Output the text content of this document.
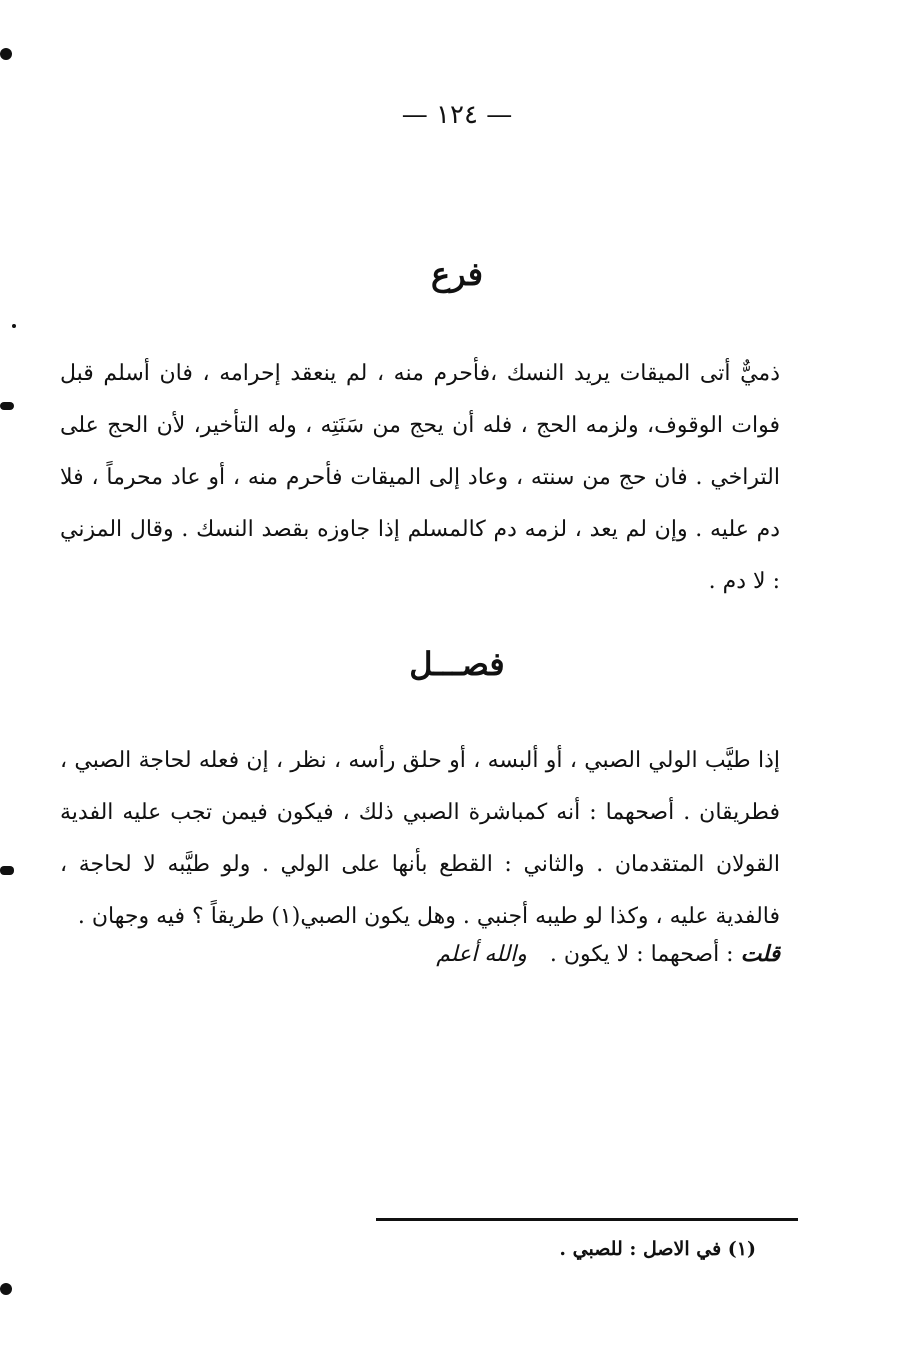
— ١٢٤ —
فرع
ذميٌّ أتى الميقات يريد النسك ،فأحرم منه ، لم ينعقد إحرامه ، فان أسلم قبل فوات الوقوف، ولزمه الحج ، فله أن يحج من سَنَتِه ، وله التأخير، لأن الحج على التراخي . فان حج من سنته ، وعاد إلى الميقات فأحرم منه ، أو عاد محرماً ، فلا دم عليه . وإن لم يعد ، لزمه دم كالمسلم إذا جاوزه بقصد النسك . وقال المزني : لا دم .
فصـــل
إذا طيَّب الولي الصبي ، أو ألبسه ، أو حلق رأسه ، نظر ، إن فعله لحاجة الصبي ، فطريقان . أصحهما : أنه كمباشرة الصبي ذلك ، فيكون فيمن تجب عليه الفدية القولان المتقدمان . والثاني : القطع بأنها على الولي . ولو طيَّبه لا لحاجة ، فالفدية عليه ، وكذا لو طيبه أجنبي . وهل يكون الصبي(١) طريقاً ؟ فيه وجهان .
قلت : أصحهما : لا يكون . والله أعلم
(١) في الاصل : للصبي .
